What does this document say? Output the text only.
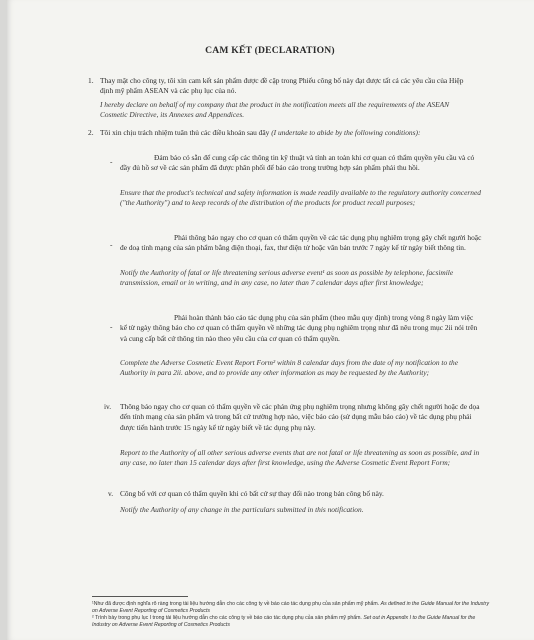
CAM KẾT (DECLARATION)
1. Thay mặt cho công ty, tôi xin cam kết sản phẩm được đề cập trong Phiếu công bố này đạt được tất cả các yêu cầu của Hiệp định mỹ phẩm ASEAN và các phụ lục của nó.

I hereby declare on behalf of my company that the product in the notification meets all the requirements of the ASEAN Cosmetic Directive, its Annexes and Appendices.

2. Tôi xin chịu trách nhiệm tuân thủ các điều khoản sau đây (I undertake to abide by the following conditions):

-	Đảm bảo có sẵn để cung cấp các thông tin kỹ thuật và tính an toàn khi cơ quan có thẩm quyền yêu cầu và có đầy đủ hồ sơ về các sản phẩm đã được phân phối để báo cáo trong trường hợp sản phẩm phải thu hồi.

Ensure that the product's technical and safety information is made readily available to the regulatory authority concerned ("the Authority") and to keep records of the distribution of the products for product recall purposes;

-

Phải thông báo ngay cho cơ quan có thẩm quyền về các tác dụng phụ nghiêm trọng gây chết người hoặc đe doạ tính mạng của sản phẩm bằng điện thoại, fax, thư điện tử hoặc văn bản trước 7 ngày kể từ ngày biết thông tin.

Notify the Authority of fatal or life threatening serious adverse event¹ as soon as possible by telephone, facsimile transmission, email or in writing, and in any case, no later than 7 calendar days after first knowledge;

-

Phải hoàn thành báo cáo tác dụng phụ của sản phẩm (theo mẫu quy định) trong vòng 8 ngày làm việc kể từ ngày thông báo cho cơ quan có thẩm quyền về những tác dụng phụ nghiêm trọng như đã nêu trong mục 2ii nói trên và cung cấp bất cứ thông tin nào theo yêu cầu của cơ quan có thẩm quyền.

Complete the Adverse Cosmetic Event Report Form² within 8 calendar days from the date of my notification to the Authority in para 2ii. above, and to provide any other information as may be requested by the Authority;

iv. Thông báo ngay cho cơ quan có thẩm quyền về các phản ứng phụ nghiêm trọng nhưng không gây chết người hoặc đe dọa đến tính mạng của sản phẩm và trong bất cứ trường hợp nào, việc báo cáo (sử dụng mẫu báo cáo) về tác dụng phụ phải được tiến hành trước 15 ngày kể từ ngày biết về tác dụng phụ này.

Report to the Authority of all other serious adverse events that are not fatal or life threatening as soon as possible, and in any case, no later than 15 calendar days after first knowledge, using the Adverse Cosmetic Event Report Form;

v. Công bố với cơ quan có thẩm quyền khi có bất cứ sự thay đổi nào trong bản công bố này.

Notify the Authority of any change in the particulars submitted in this notification.

¹Như đã được định nghĩa rõ ràng trong tài liệu hướng dẫn cho các công ty về báo cáo tác dụng phụ của sản phẩm mỹ phẩm. As defined in the Guide Manual for the Industry on Adverse Event Reporting of Cosmetics Products

² Trình bày trong phụ lục I trong tài liệu hướng dẫn cho các công ty về báo cáo tác dụng phụ của sản phẩm mỹ phẩm. Set out in Appendix I to the Guide Manual for the Industry on Adverse Event Reporting of Cosmetics Products
